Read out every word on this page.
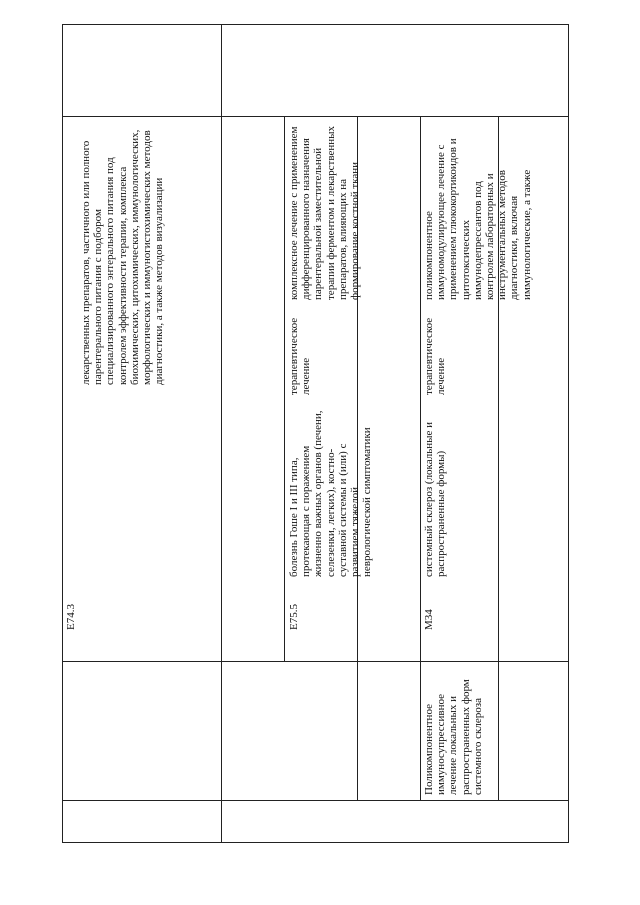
E74.3
лекарственных препаратов, частичного или полного парентерального питания с подбором специализированного энтерального питания под контролем эффективности терапии, комплекса биохимических, цитохимических, иммунологических, морфологических и иммуногистохимических методов диагностики, а также методов визуализации
E75.5
болезнь Гоше I и III типа, протекающая с поражением жизненно важных органов (печени, селезенки, легких), костно-суставной системы и (или) с развитием тяжелой неврологической симптоматики
терапевтическое лечение
комплексное лечение с применением дифференцированного назначения парентеральной заместительной терапии ферментом и лекарственных препаратов, влияющих на формирование костной ткани
Поликомпонентное иммуносупрессивное лечение локальных и распространенных форм системного склероза
M34
системный склероз (локальные и распространенные формы)
терапевтическое лечение
поликомпонентное иммуномодулирующее лечение с применением глюкокортикоидов и цитотоксических иммунодепрессантов под контролем лабораторных и инструментальных методов диагностики, включая иммунологические, а также
